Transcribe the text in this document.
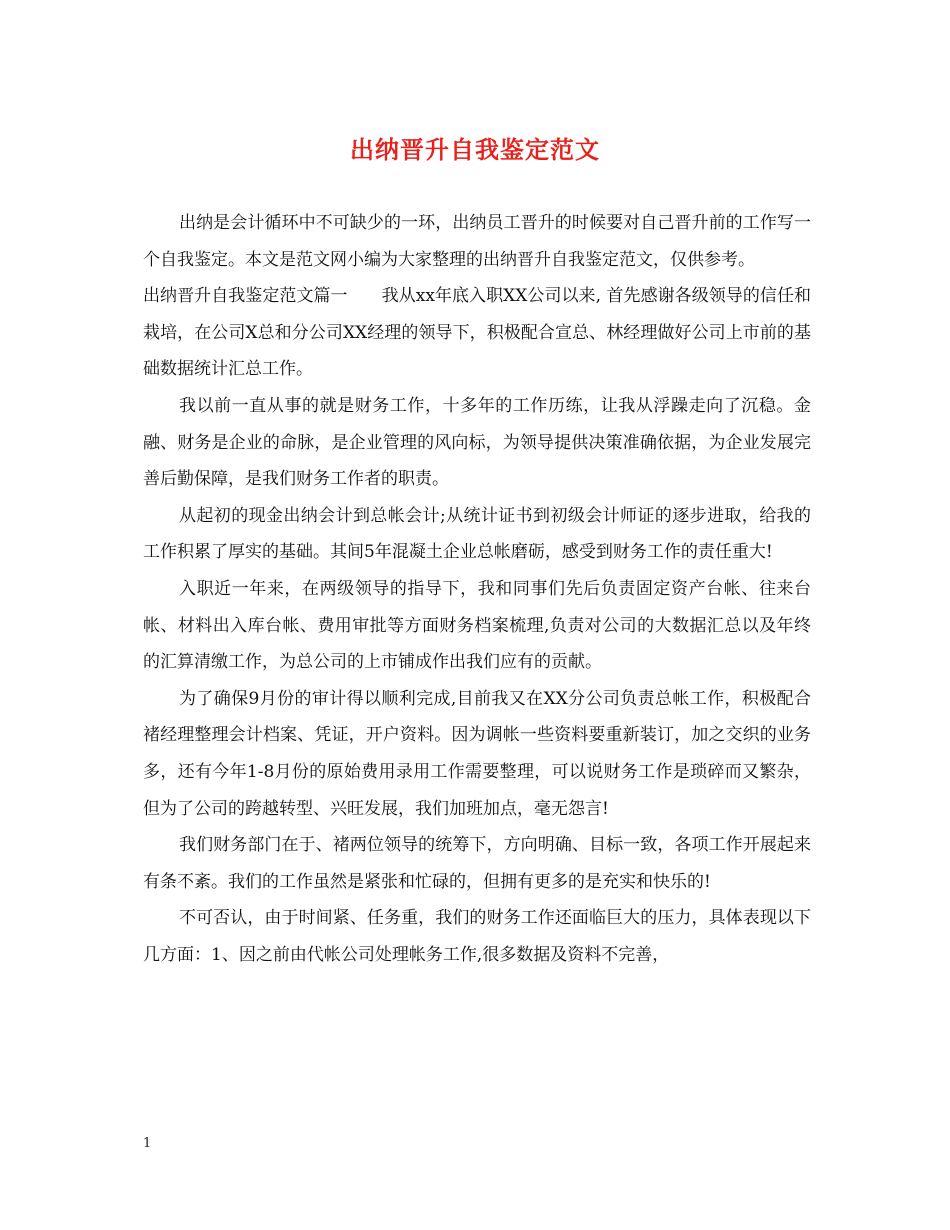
出纳晋升自我鉴定范文

出纳是会计循环中不可缺少的一环，出纳员工晋升的时候要对自己晋升前的工作写一个自我鉴定。本文是范文网小编为大家整理的出纳晋升自我鉴定范文，仅供参考。

出纳晋升自我鉴定范文篇一 我从xx年底入职XX公司以来, 首先感谢各级领导的信任和栽培，在公司X总和分公司XX经理的领导下，积极配合宣总、林经理做好公司上市前的基础数据统计汇总工作。

我以前一直从事的就是财务工作，十多年的工作历练，让我从浮躁走向了沉稳。金融、财务是企业的命脉，是企业管理的风向标，为领导提供决策准确依据，为企业发展完善后勤保障，是我们财务工作者的职责。

从起初的现金出纳会计到总帐会计;从统计证书到初级会计师证的逐步进取，给我的工作积累了厚实的基础。其间5年混凝土企业总帐磨砺，感受到财务工作的责任重大!

入职近一年来，在两级领导的指导下，我和同事们先后负责固定资产台帐、往来台帐、材料出入库台帐、费用审批等方面财务档案梳理,负责对公司的大数据汇总以及年终的汇算清缴工作，为总公司的上市铺成作出我们应有的贡献。

为了确保9月份的审计得以顺利完成,目前我又在XX分公司负责总帐工作，积极配合褚经理整理会计档案、凭证，开户资料。因为调帐一些资料要重新装订，加之交织的业务多，还有今年1-8月份的原始费用录用工作需要整理，可以说财务工作是琐碎而又繁杂，但为了公司的跨越转型、兴旺发展，我们加班加点，毫无怨言!

我们财务部门在于、褚两位领导的统筹下，方向明确、目标一致，各项工作开展起来有条不紊。我们的工作虽然是紧张和忙碌的，但拥有更多的是充实和快乐的!

不可否认，由于时间紧、任务重，我们的财务工作还面临巨大的压力，具体表现以下几方面：1、因之前由代帐公司处理帐务工作,很多数据及资料不完善，

1
